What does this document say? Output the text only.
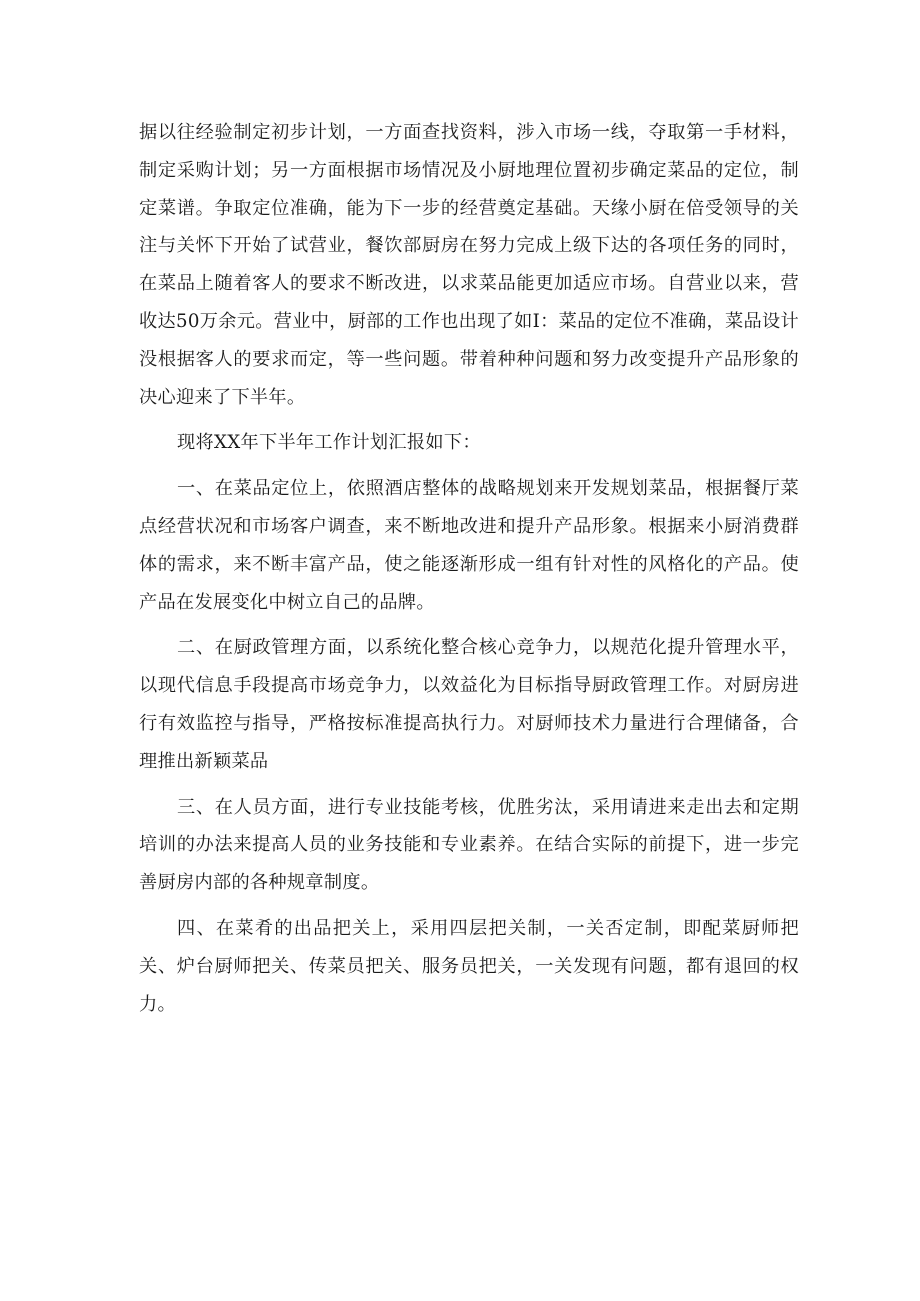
据以往经验制定初步计划，一方面查找资料，涉入市场一线，夺取第一手材料，制定采购计划；另一方面根据市场情况及小厨地理位置初步确定菜品的定位，制定菜谱。争取定位准确，能为下一步的经营奠定基础。天缘小厨在倍受领导的关注与关怀下开始了试营业，餐饮部厨房在努力完成上级下达的各项任务的同时，在菜品上随着客人的要求不断改进，以求菜品能更加适应市场。自营业以来，营收达50万余元。营业中，厨部的工作也出现了如I：菜品的定位不准确，菜品设计没根据客人的要求而定，等一些问题。带着种种问题和努力改变提升产品形象的决心迎来了下半年。

现将XX年下半年工作计划汇报如下：

一、在菜品定位上，依照酒店整体的战略规划来开发规划菜品，根据餐厅菜点经营状况和市场客户调查，来不断地改进和提升产品形象。根据来小厨消费群体的需求，来不断丰富产品，使之能逐渐形成一组有针对性的风格化的产品。使产品在发展变化中树立自己的品牌。

二、在厨政管理方面，以系统化整合核心竞争力，以规范化提升管理水平，以现代信息手段提高市场竞争力，以效益化为目标指导厨政管理工作。对厨房进行有效监控与指导，严格按标准提高执行力。对厨师技术力量进行合理储备，合理推出新颖菜品

三、在人员方面，进行专业技能考核，优胜劣汰，采用请进来走出去和定期培训的办法来提高人员的业务技能和专业素养。在结合实际的前提下，进一步完善厨房内部的各种规章制度。

四、在菜肴的出品把关上，采用四层把关制，一关否定制，即配菜厨师把关、炉台厨师把关、传菜员把关、服务员把关，一关发现有问题，都有退回的权力。
